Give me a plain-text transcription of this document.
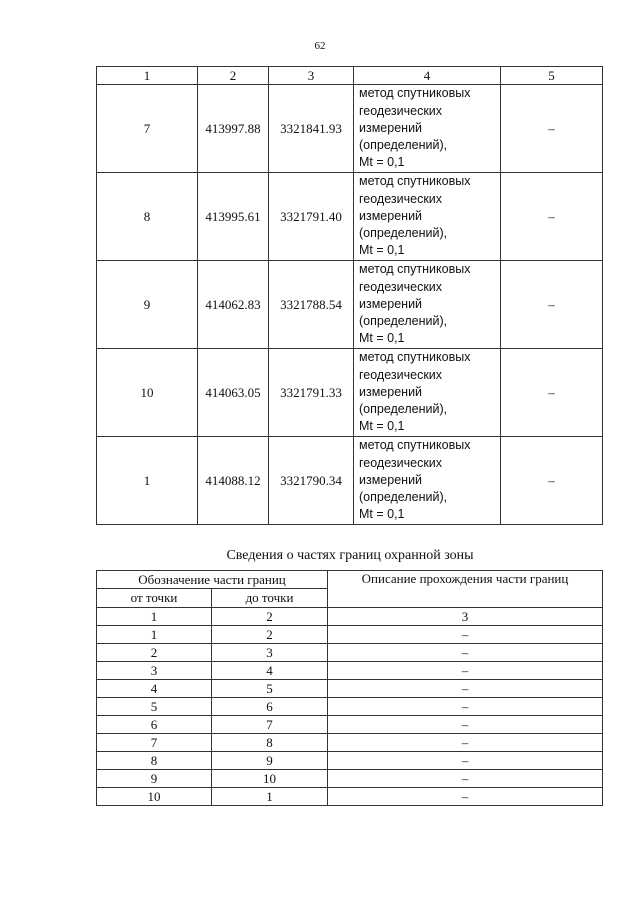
62
1	2	3	4	5
7	413997.88	3321841.93	метод спутниковых
геодезических
измерений
(определений),
Mt = 0,1	–
8	413995.61	3321791.40	метод спутниковых
геодезических
измерений
(определений),
Mt = 0,1	–
9	414062.83	3321788.54	метод спутниковых
геодезических
измерений
(определений),
Mt = 0,1	–
10	414063.05	3321791.33	метод спутниковых
геодезических
измерений
(определений),
Mt = 0,1	–
1	414088.12	3321790.34	метод спутниковых
геодезических
измерений
(определений),
Mt = 0,1	–
Сведения о частях границ охранной зоны
Обозначение части границ		Описание прохождения части границ
от точки	до точки	
1	2	3
1	2	–
2	3	–
3	4	–
4	5	–
5	6	–
6	7	–
7	8	–
8	9	–
9	10	–
10	1	–
